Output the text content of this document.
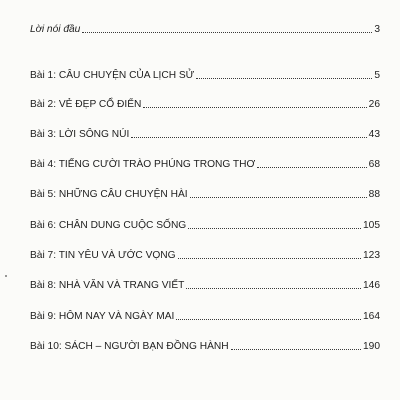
Lời nói đầu	3
Bài 1: CÂU CHUYỆN CỦA LỊCH SỬ	5
Bài 2: VẺ ĐẸP CỔ ĐIỂN	26
Bài 3: LỜI SÔNG NÚI	43
Bài 4: TIẾNG CƯỜI TRÀO PHÚNG TRONG THƠ	68
Bài 5: NHỮNG CÂU CHUYỆN HÀI	88
Bài 6: CHÂN DUNG CUỘC SỐNG	105
Bài 7: TIN YÊU VÀ ƯỚC VỌNG	123
Bài 8: NHÀ VĂN VÀ TRANG VIẾT	146
Bài 9: HÔM NAY VÀ NGÀY MAI	164
Bài 10: SÁCH – NGƯỜI BẠN ĐỒNG HÀNH	190
